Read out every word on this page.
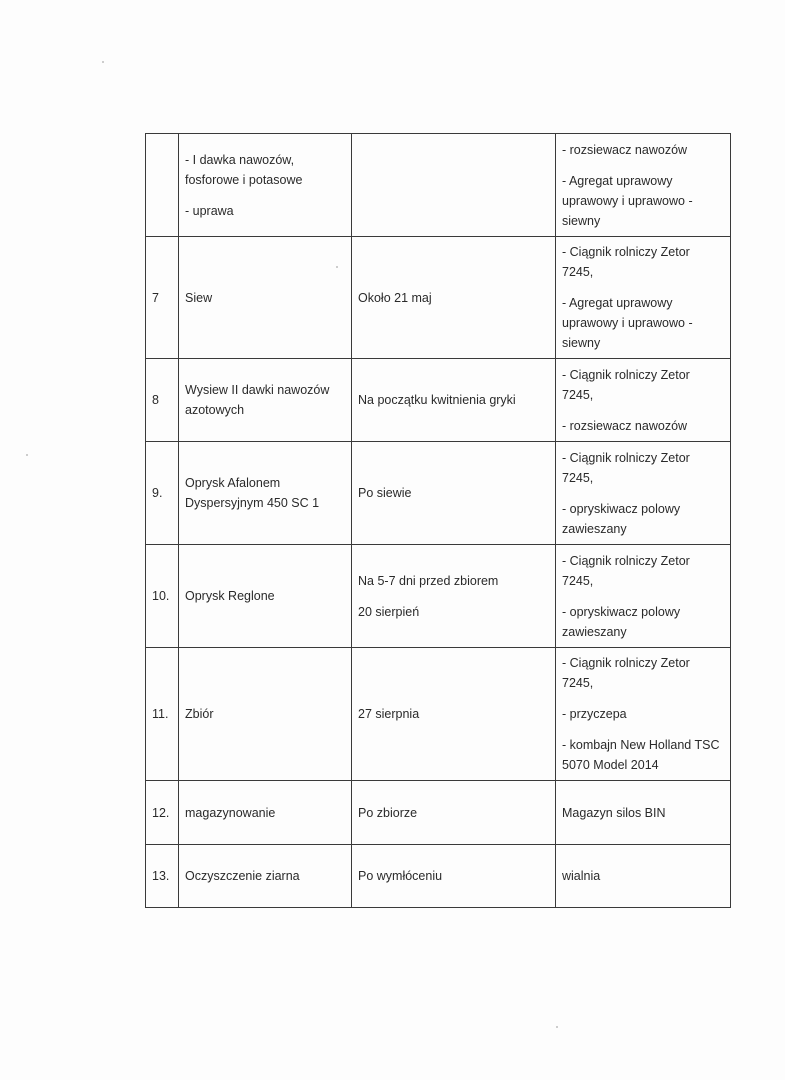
	- I dawka nawozów,
fosforowe i potasowe
- uprawa		- rozsiewacz nawozów
- Agregat uprawowy
uprawowy i uprawowo -
siewny

7	Siew	Około 21 maj	- Ciągnik rolniczy Zetor
7245,
- Agregat uprawowy
uprawowy i uprawowo -
siewny

8	Wysiew II dawki nawozów
azotowych	Na początku kwitnienia gryki	- Ciągnik rolniczy Zetor
7245,
- rozsiewacz nawozów

9.	Oprysk Afalonem
Dyspersyjnym 450 SC 1	Po siewie	- Ciągnik rolniczy Zetor
7245,
- opryskiwacz polowy
zawieszany

10.	Oprysk Reglone	Na 5-7 dni przed zbiorem
20 sierpień	- Ciągnik rolniczy Zetor
7245,
- opryskiwacz polowy
zawieszany

11.	Zbiór	27 sierpnia	- Ciągnik rolniczy Zetor
7245,
- przyczepa
- kombajn New Holland TSC
5070 Model 2014

12.	magazynowanie	Po zbiorze	Magazyn silos BIN

13.	Oczyszczenie ziarna	Po wymłóceniu	wialnia
